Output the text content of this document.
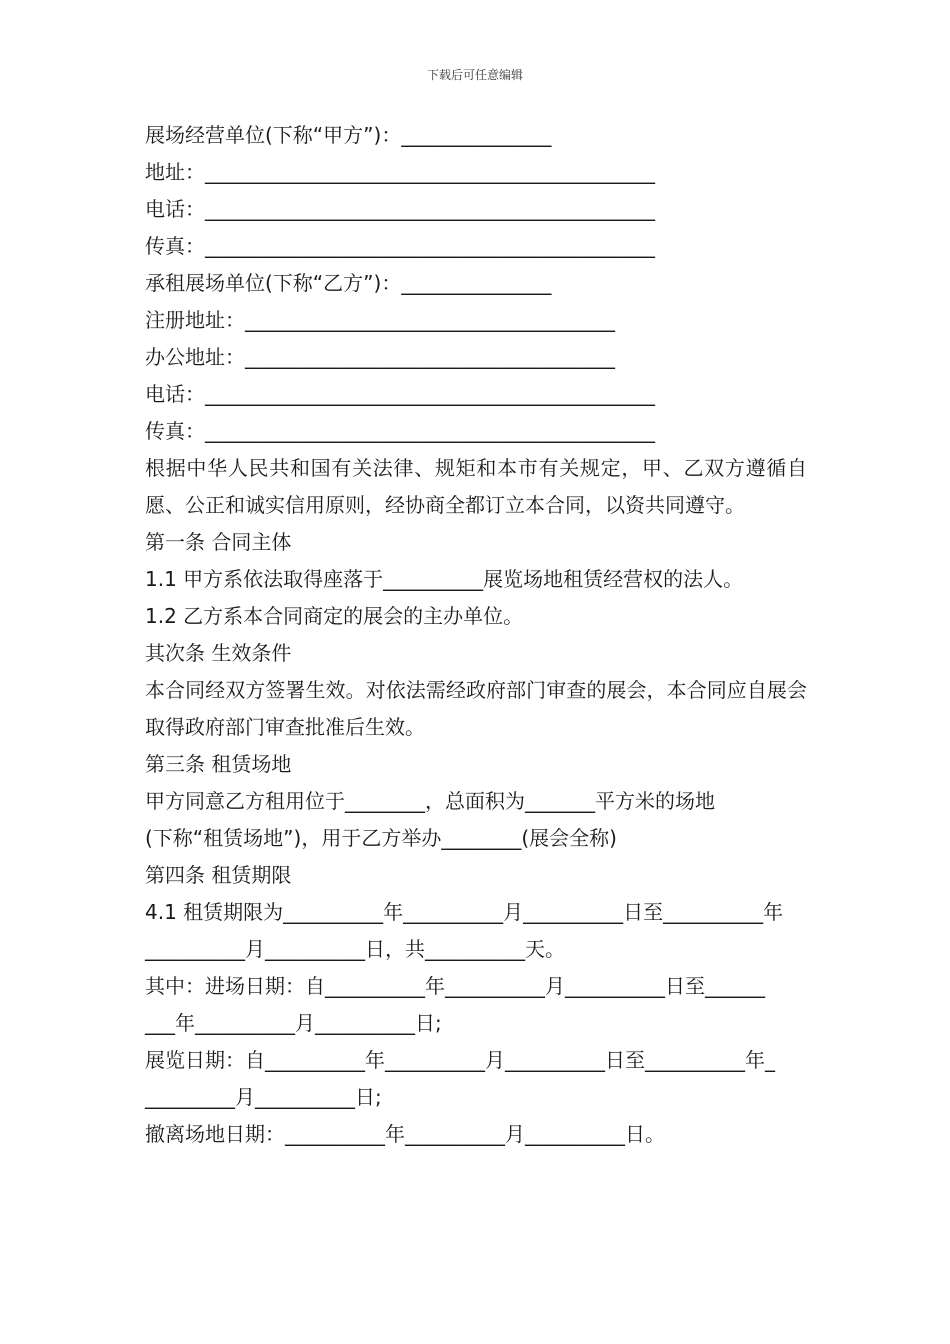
下载后可任意编辑
展场经营单位(下称“甲方”)：_______________
地址：_____________________________________________
电话：_____________________________________________
传真：_____________________________________________
承租展场单位(下称“乙方”)：_______________
注册地址：_____________________________________
办公地址：_____________________________________
电话：_____________________________________________
传真：_____________________________________________
根据中华人民共和国有关法律、规矩和本市有关规定，甲、乙双方遵循自愿、公正和诚实信用原则，经协商全都订立本合同，以资共同遵守。
第一条 合同主体
1.1 甲方系依法取得座落于__________展览场地租赁经营权的法人。
1.2 乙方系本合同商定的展会的主办单位。
其次条 生效条件
本合同经双方签署生效。对依法需经政府部门审查的展会，本合同应自展会取得政府部门审查批准后生效。
第三条 租赁场地
甲方同意乙方租用位于________，总面积为_______平方米的场地
(下称“租赁场地”)，用于乙方举办________(展会全称)
第四条 租赁期限
4.1 租赁期限为__________年__________月__________日至__________年
__________月__________日，共__________天。
其中：进场日期：自__________年__________月__________日至______
___年__________月__________日;
展览日期：自__________年__________月__________日至__________年_
_________月__________日;
撤离场地日期：__________年__________月__________日。
